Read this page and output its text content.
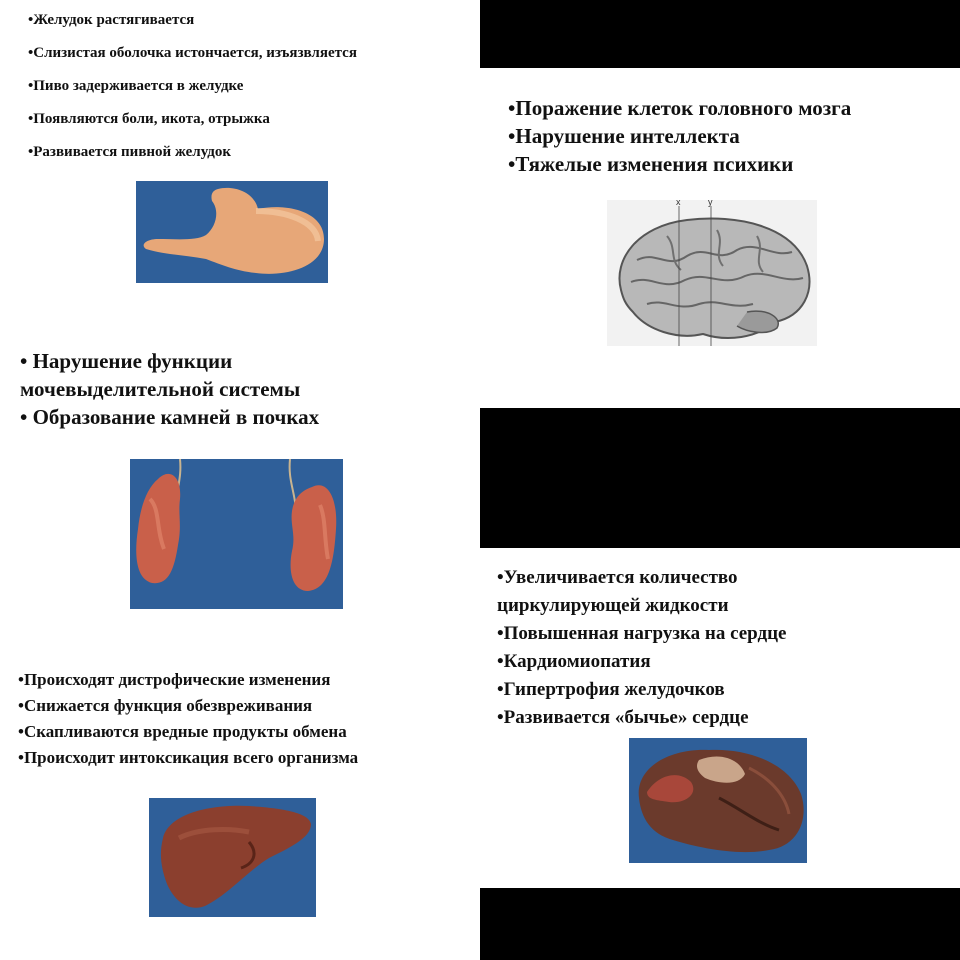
• Желудок растягивается
• Слизистая оболочка истончается, изъязвляется
• Пиво задерживается в желудке
• Появляются боли, икота, отрыжка
• Развивается пивной желудок
• Поражение клеток головного мозга
• Нарушение интеллекта
• Тяжелые изменения психики
x	y
• Нарушение функции
мочевыделительной системы
• Образование камней в почках
•Увеличивается количество
циркулирующей жидкости
•Повышенная нагрузка на сердце
•Кардиомиопатия
•Гипертрофия желудочков
•Развивается «бычье» сердце
• Происходят дистрофические изменения
• Снижается функция обезвреживания
• Скапливаются вредные продукты обмена
• Происходит интоксикация всего организма
